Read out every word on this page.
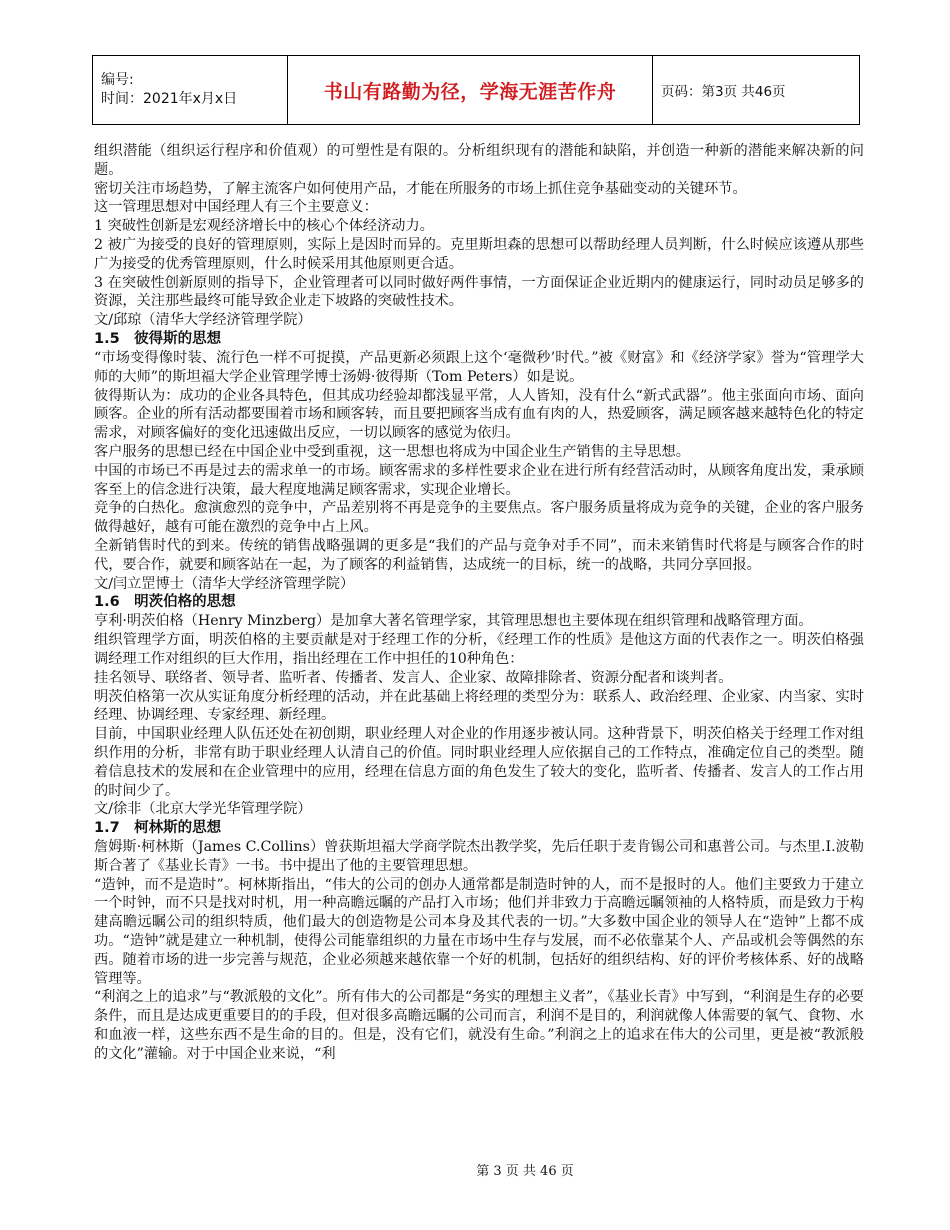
编号:
时间：2021年x月x日	书山有路勤为径，学海无涯苦作舟	页码：第3页 共46页

组织潜能（组织运行程序和价值观）的可塑性是有限的。分析组织现有的潜能和缺陷，并创造一种新的潜能来解决新的问题。

密切关注市场趋势，了解主流客户如何使用产品，才能在所服务的市场上抓住竞争基础变动的关键环节。

这一管理思想对中国经理人有三个主要意义：

1 突破性创新是宏观经济增长中的核心个体经济动力。

2 被广为接受的良好的管理原则，实际上是因时而异的。克里斯坦森的思想可以帮助经理人员判断，什么时候应该遵从那些广为接受的优秀管理原则，什么时候采用其他原则更合适。

3 在突破性创新原则的指导下，企业管理者可以同时做好两件事情，一方面保证企业近期内的健康运行，同时动员足够多的资源，关注那些最终可能导致企业走下坡路的突破性技术。

文/邱琼（清华大学经济管理学院）

1.5　彼得斯的思想

“市场变得像时装、流行色一样不可捉摸，产品更新必须跟上这个‘毫微秒’时代。”被《财富》和《经济学家》誉为“管理学大师的大师”的斯坦福大学企业管理学博士汤姆·彼得斯（Tom Peters）如是说。

彼得斯认为：成功的企业各具特色，但其成功经验却都浅显平常，人人皆知，没有什么“新式武器”。他主张面向市场、面向顾客。企业的所有活动都要围着市场和顾客转，而且要把顾客当成有血有肉的人，热爱顾客，满足顾客越来越特色化的特定需求，对顾客偏好的变化迅速做出反应，一切以顾客的感觉为依归。

客户服务的思想已经在中国企业中受到重视，这一思想也将成为中国企业生产销售的主导思想。

中国的市场已不再是过去的需求单一的市场。顾客需求的多样性要求企业在进行所有经营活动时，从顾客角度出发，秉承顾客至上的信念进行决策，最大程度地满足顾客需求，实现企业增长。

竞争的白热化。愈演愈烈的竞争中，产品差别将不再是竞争的主要焦点。客户服务质量将成为竞争的关键，企业的客户服务做得越好，越有可能在激烈的竞争中占上风。

全新销售时代的到来。传统的销售战略强调的更多是“我们的产品与竞争对手不同”，而未来销售时代将是与顾客合作的时代，要合作，就要和顾客站在一起，为了顾客的利益销售，达成统一的目标，统一的战略，共同分享回报。

文/闫立罡博士（清华大学经济管理学院）

1.6　明茨伯格的思想

亨利·明茨伯格（Henry Minzberg）是加拿大著名管理学家，其管理思想也主要体现在组织管理和战略管理方面。

组织管理学方面，明茨伯格的主要贡献是对于经理工作的分析，《经理工作的性质》是他这方面的代表作之一。明茨伯格强调经理工作对组织的巨大作用，指出经理在工作中担任的10种角色：

挂名领导、联络者、领导者、监听者、传播者、发言人、企业家、故障排除者、资源分配者和谈判者。

明茨伯格第一次从实证角度分析经理的活动，并在此基础上将经理的类型分为：联系人、政治经理、企业家、内当家、实时经理、协调经理、专家经理、新经理。

目前，中国职业经理人队伍还处在初创期，职业经理人对企业的作用逐步被认同。这种背景下，明茨伯格关于经理工作对组织作用的分析，非常有助于职业经理人认清自己的价值。同时职业经理人应依据自己的工作特点，准确定位自己的类型。随着信息技术的发展和在企业管理中的应用，经理在信息方面的角色发生了较大的变化，监听者、传播者、发言人的工作占用的时间少了。

文/徐非（北京大学光华管理学院）

1.7　柯林斯的思想

詹姆斯·柯林斯（James C.Collins）曾获斯坦福大学商学院杰出教学奖，先后任职于麦肯锡公司和惠普公司。与杰里.I.波勒斯合著了《基业长青》一书。书中提出了他的主要管理思想。

“造钟，而不是造时”。柯林斯指出，“伟大的公司的创办人通常都是制造时钟的人，而不是报时的人。他们主要致力于建立一个时钟，而不只是找对时机，用一种高瞻远瞩的产品打入市场；他们并非致力于高瞻远瞩领袖的人格特质，而是致力于构建高瞻远瞩公司的组织特质，他们最大的创造物是公司本身及其代表的一切。”大多数中国企业的领导人在“造钟”上都不成功。“造钟”就是建立一种机制，使得公司能靠组织的力量在市场中生存与发展，而不必依靠某个人、产品或机会等偶然的东西。随着市场的进一步完善与规范，企业必须越来越依靠一个好的机制，包括好的组织结构、好的评价考核体系、好的战略管理等。

“利润之上的追求”与“教派般的文化”。所有伟大的公司都是“务实的理想主义者”，《基业长青》中写到，“利润是生存的必要条件，而且是达成更重要目的的手段，但对很多高瞻远瞩的公司而言，利润不是目的，利润就像人体需要的氧气、食物、水和血液一样，这些东西不是生命的目的。但是，没有它们，就没有生命。”利润之上的追求在伟大的公司里，更是被“教派般的文化”灌输。对于中国企业来说，“利

第 3 页 共 46 页
